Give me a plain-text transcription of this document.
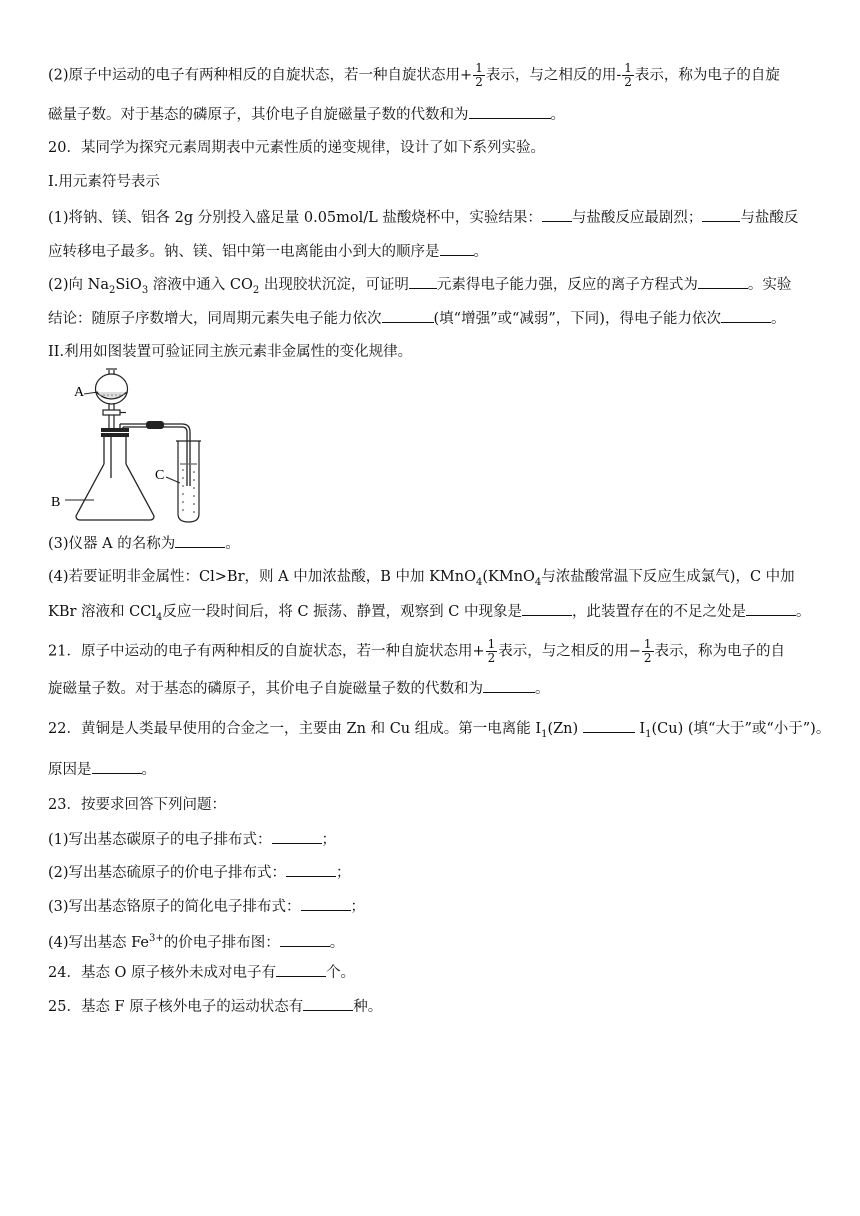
(2)原子中运动的电子有两种相反的自旋状态，若一种自旋状态用+ $\frac{1}{2}$ 表示，与之相反的用- $\frac{1}{2}$ 表示，称为电子的自旋
磁量子数。对于基态的磷原子，其价电子自旋磁量子数的代数和为	。
20．某同学为探究元素周期表中元素性质的递变规律，设计了如下系列实验。
I.用元素符号表示
(1)将钠、镁、铝各 2g 分别投入盛足量 0.05mol/L 盐酸烧杯中，实验结果： 与盐酸反应最剧烈；	与盐酸反
应转移电子最多。钠、镁、铝中第一电离能由小到大的顺序是 。
(2)向 $Na_2SiO_3$ 溶液中通入 $CO_2$ 出现胶状沉淀，可证明 元素得电子能力强，反应的离子方程式为	。实验
结论：随原子序数增大，同周期元素失电子能力依次	(填“增强”或“减弱”，下同)，得电子能力依次	。
II.利用如图装置可验证同主族元素非金属性的变化规律。
A
B
C
(3)仪器 A 的名称为	。
(4)若要证明非金属性：Cl>Br，则 A 中加浓盐酸，B 中加 KMnO$_4$(KMnO$_4$与浓盐酸常温下反应生成氯气)，C 中加
KBr 溶液和 CCl$_4$反应一段时间后，将 C 振荡、静置，观察到 C 中现象是	，此装置存在的不足之处是	。
21．原子中运动的电子有两种相反的自旋状态，若一种自旋状态用+ $\frac{1}{2}$ 表示，与之相反的用− $\frac{1}{2}$ 表示，称为电子的自
旋磁量子数。对于基态的磷原子，其价电子自旋磁量子数的代数和为	。
22．黄铜是人类最早使用的合金之一，主要由 Zn 和 Cu 组成。第一电离能 $I_1(Zn)$	$I_1(Cu)$ (填“大于”或“小于”)。
原因是	。
23．按要求回答下列问题：
(1)写出基态碳原子的电子排布式：	；
(2)写出基态硫原子的价电子排布式：	；
(3)写出基态铬原子的简化电子排布式：	；
(4)写出基态 $Fe^{3+}$的价电子排布图：	。
24．基态 O 原子核外未成对电子有	个。
25．基态 F 原子核外电子的运动状态有	种。
